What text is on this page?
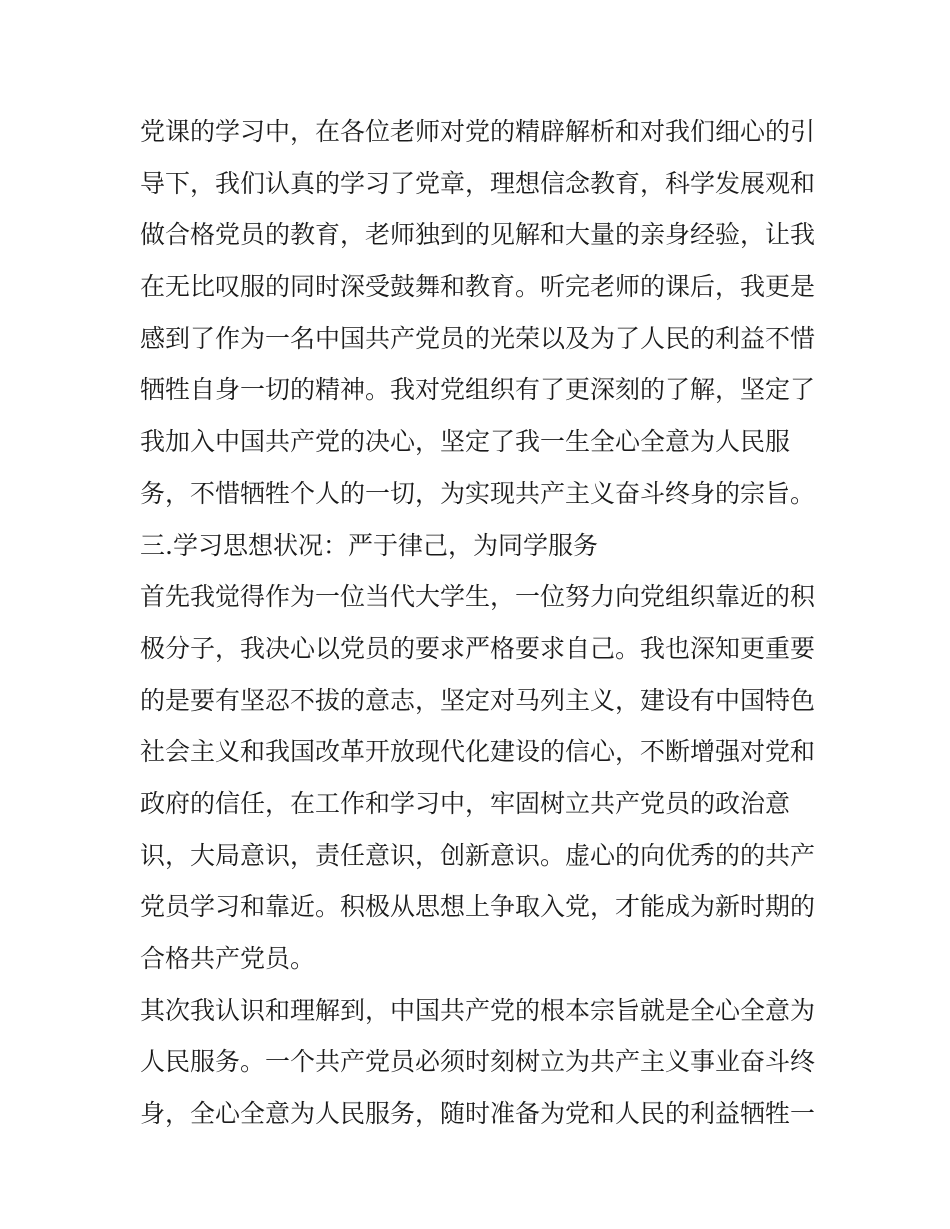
党课的学习中，在各位老师对党的精辟解析和对我们细心的引
导下，我们认真的学习了党章，理想信念教育，科学发展观和
做合格党员的教育，老师独到的见解和大量的亲身经验，让我
在无比叹服的同时深受鼓舞和教育。听完老师的课后，我更是
感到了作为一名中国共产党员的光荣以及为了人民的利益不惜
牺牲自身一切的精神。我对党组织有了更深刻的了解，坚定了
我加入中国共产党的决心，坚定了我一生全心全意为人民服
务，不惜牺牲个人的一切，为实现共产主义奋斗终身的宗旨。
三.学习思想状况：严于律己，为同学服务
首先我觉得作为一位当代大学生，一位努力向党组织靠近的积
极分子，我决心以党员的要求严格要求自己。我也深知更重要
的是要有坚忍不拔的意志，坚定对马列主义，建设有中国特色
社会主义和我国改革开放现代化建设的信心，不断增强对党和
政府的信任，在工作和学习中，牢固树立共产党员的政治意
识，大局意识，责任意识，创新意识。虚心的向优秀的的共产
党员学习和靠近。积极从思想上争取入党，才能成为新时期的
合格共产党员。
其次我认识和理解到，中国共产党的根本宗旨就是全心全意为
人民服务。一个共产党员必须时刻树立为共产主义事业奋斗终
身，全心全意为人民服务，随时准备为党和人民的利益牺牲一
